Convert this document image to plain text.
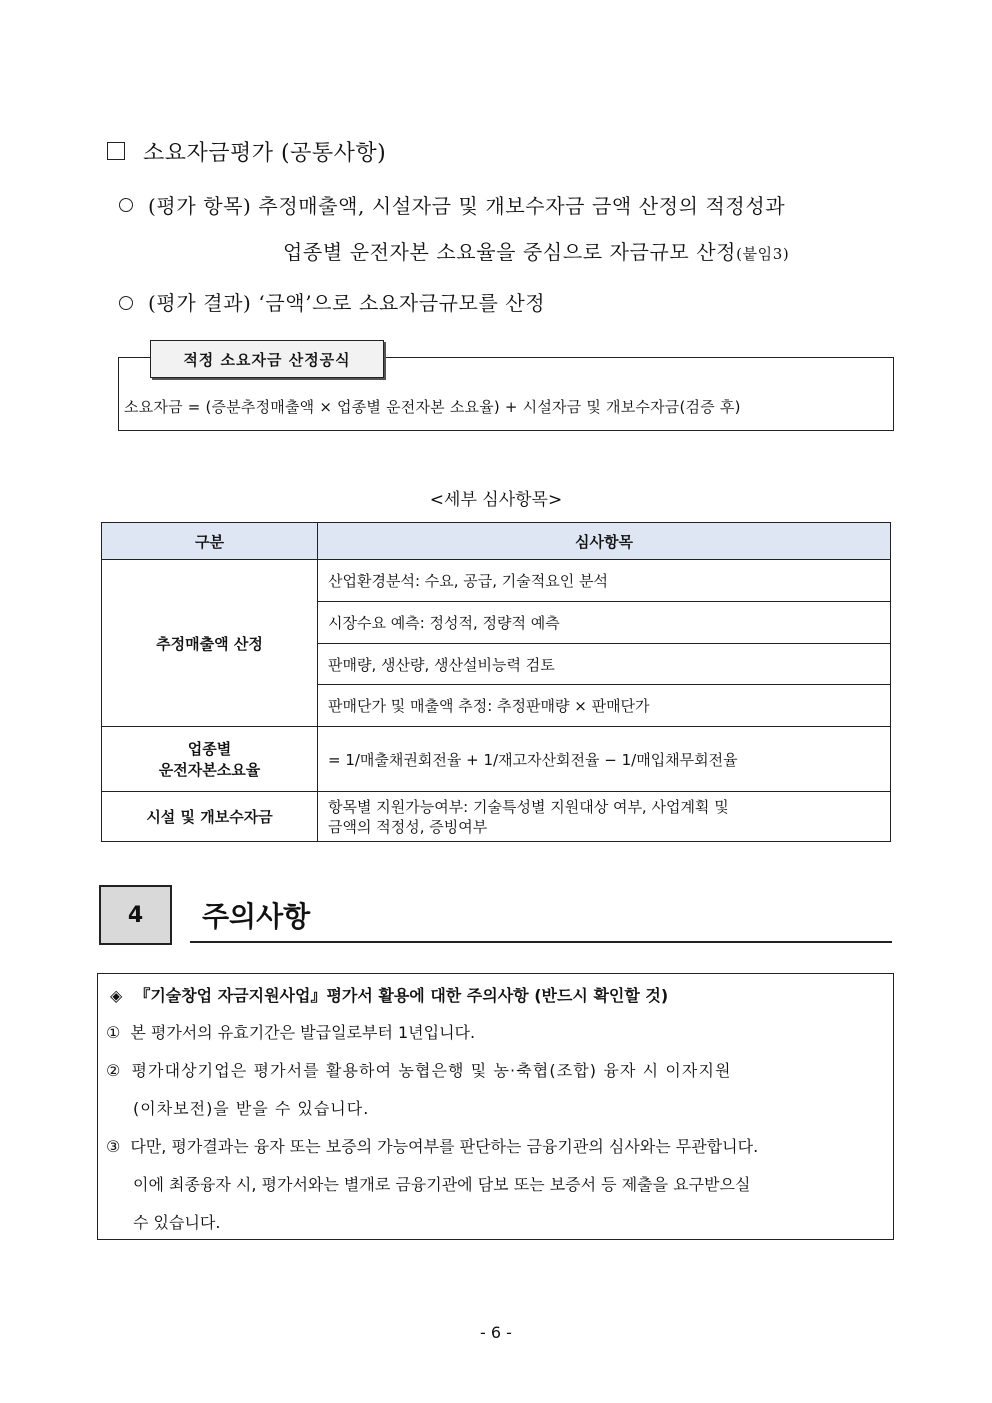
소요자금평가 (공통사항)
(평가 항목) 추정매출액, 시설자금 및 개보수자금 금액 산정의 적정성과
업종별 운전자본 소요율을 중심으로 자금규모 산정(붙임3)
(평가 결과) ‘금액’으로 소요자금규모를 산정
적정 소요자금 산정공식
소요자금 = (증분추정매출액 × 업종별 운전자본 소요율) + 시설자금 및 개보수자금(검증 후)
<세부 심사항목>
구분	심사항목
추정매출액 산정	산업환경분석: 수요, 공급, 기술적요인 분석
	시장수요 예측: 정성적, 정량적 예측
	판매량, 생산량, 생산설비능력 검토
	판매단가 및 매출액 추정: 추정판매량 × 판매단가

업종별
운전자본소요율	= 1/매출채권회전율 + 1/재고자산회전율 − 1/매입채무회전율
시설 및 개보수자금	항목별 지원가능여부: 기술특성별 지원대상 여부, 사업계획 및
금액의 적정성, 증빙여부
4	주의사항
◈ 『기술창업 자금지원사업』평가서 활용에 대한 주의사항 (반드시 확인할 것)
① 본 평가서의 유효기간은 발급일로부터 1년입니다.
② 평가대상기업은 평가서를 활용하여 농협은행 및 농·축협(조합) 융자 시 이자지원
(이차보전)을 받을 수 있습니다.
③ 다만, 평가결과는 융자 또는 보증의 가능여부를 판단하는 금융기관의 심사와는 무관합니다.
이에 최종융자 시, 평가서와는 별개로 금융기관에 담보 또는 보증서 등 제출을 요구받으실
수 있습니다.
- 6 -
